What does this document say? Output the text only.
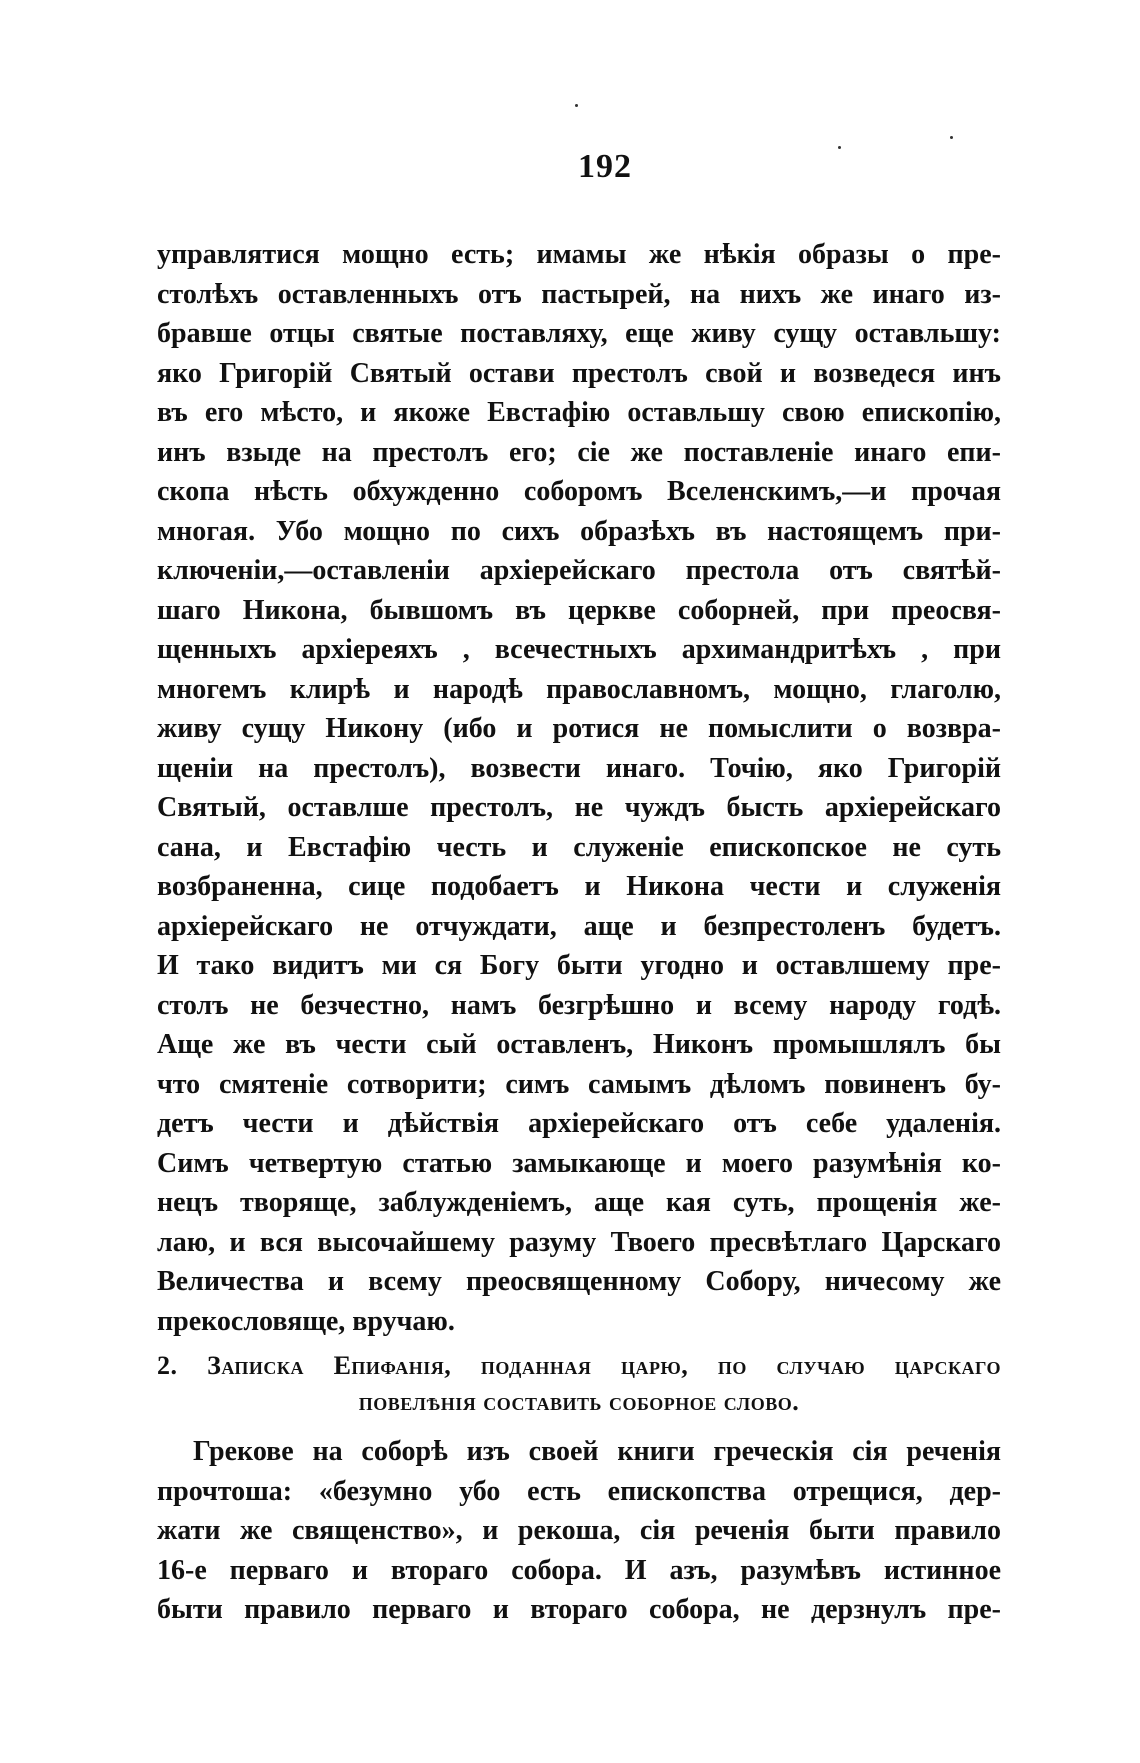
192
управлятися мощно есть; имамы же нѣкія образы о пре-
столѣхъ оставленныхъ отъ пастырей, на нихъ же инаго из-
бравше отцы святые поставляху, еще живу сущу оставльшу:
яко Григорій Святый остави престолъ свой и возведеся инъ
въ его мѣсто, и якоже Евстафію оставльшу свою епископію,
инъ взыде на престолъ его; сіе же поставленіе инаго епи-
скопа нѣсть обхужденно соборомъ Вселенскимъ,—и прочая
многая. Убо мощно по сихъ образѣхъ въ настоящемъ при-
ключеніи,—оставленіи архіерейскаго престола отъ святѣй-
шаго Никона, бывшомъ въ церкве соборней, при преосвя-
щенныхъ архіереяхъ , всечестныхъ архимандритѣхъ , при
многемъ клирѣ и народѣ православномъ, мощно, глаголю,
живу сущу Никону (ибо и ротися не помыслити о возвра-
щеніи на престолъ), возвести инаго. Точію, яко Григорій
Святый, оставлше престолъ, не чуждъ бысть архіерейскаго
сана, и Евстафію честь и служеніе епископское не суть
возбраненна, сице подобаетъ и Никона чести и служенія
архіерейскаго не отчуждати, аще и безпрестоленъ будетъ.
И тако видитъ ми ся Богу быти угодно и оставлшему пре-
столъ не безчестно, намъ безгрѣшно и всему народу годѣ.
Аще же въ чести сый оставленъ, Никонъ промышлялъ бы
что смятеніе сотворити; симъ самымъ дѣломъ повиненъ бу-
детъ чести и дѣйствія архіерейскаго отъ себе удаленія.
Симъ четвертую статью замыкающе и моего разумѣнія ко-
нецъ творяще, заблужденіемъ, аще кая суть, прощенія же-
лаю, и вся высочайшему разуму Твоего пресвѣтлаго Царскаго
Величества и всему преосвященному Собору, ничесому же
прекословяще, вручаю.
2. Записка Епифанія, поданная царю, по случаю царскаго
повелѣнія составить соборное слово.
Грекове на соборѣ изъ своей книги греческія сія реченія
прочтоша: «безумно убо есть епископства отрещися, дер-
жати же священство», и рекоша, сія реченія быти правило
16-е перваго и втораго собора. И азъ, разумѣвъ истинное
быти правило перваго и втораго собора, не дерзнулъ пре-
